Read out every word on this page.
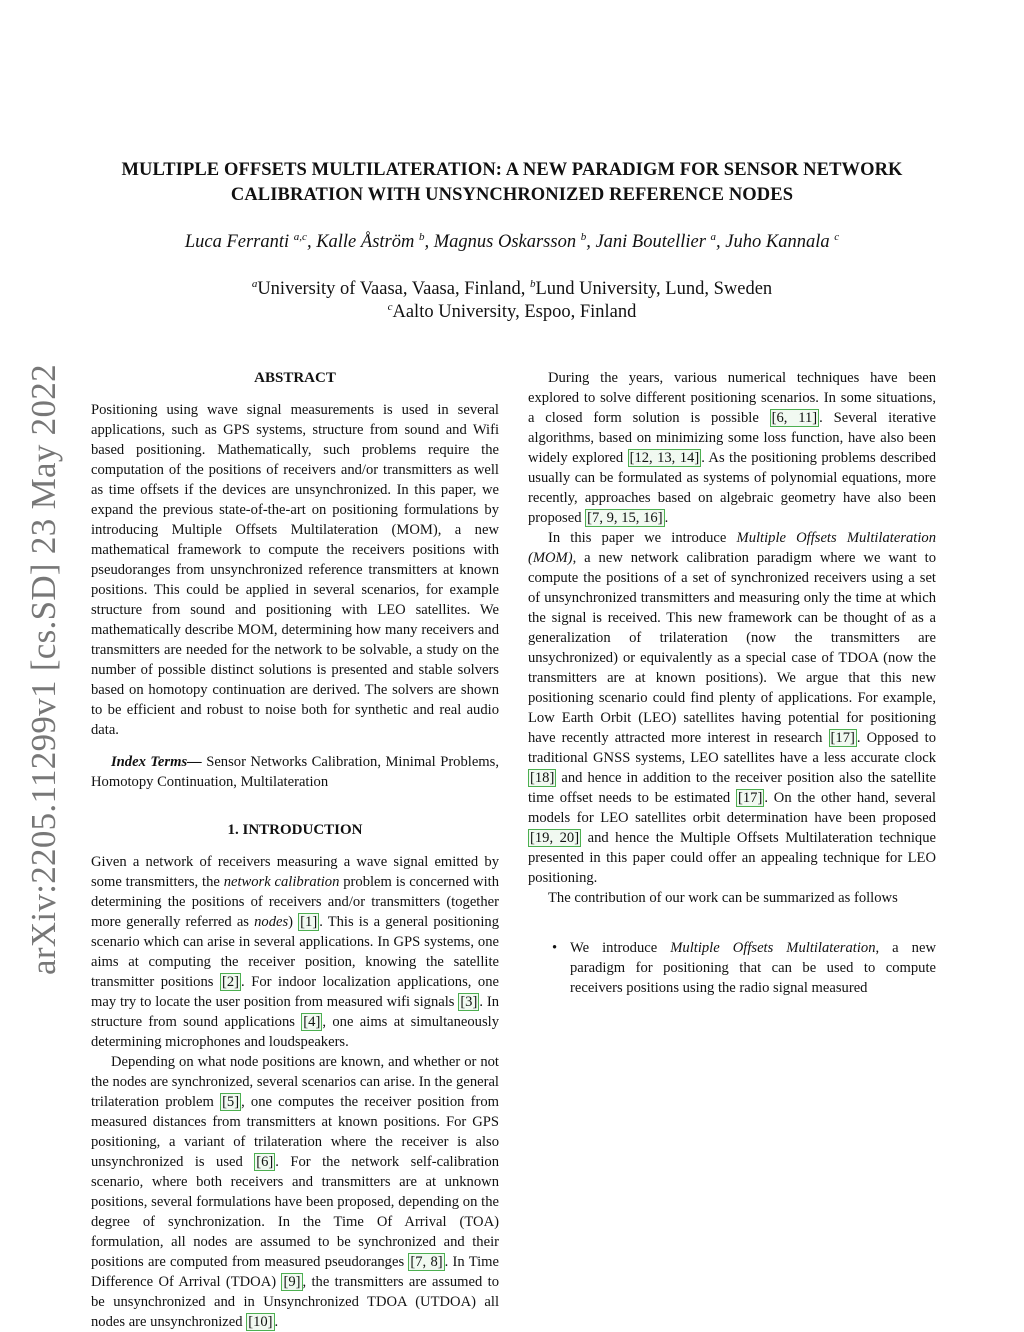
arXiv:2205.11299v1 [cs.SD] 23 May 2022
MULTIPLE OFFSETS MULTILATERATION: A NEW PARADIGM FOR SENSOR NETWORK
CALIBRATION WITH UNSYNCHRONIZED REFERENCE NODES
Luca Ferranti $^{a,c}$, Kalle Åström $^b$, Magnus Oskarsson $^b$, Jani Boutellier $^a$, Juho Kannala $^c$
$^a$University of Vaasa, Vaasa, Finland, $^b$Lund University, Lund, Sweden
$^c$Aalto University, Espoo, Finland
ABSTRACT

Positioning using wave signal measurements is used in several applications, such as GPS systems, structure from sound and Wifi based positioning. Mathematically, such problems require the computation of the positions of receivers and/or transmitters as well as time offsets if the devices are unsynchronized. In this paper, we expand the previous state-of-the-art on positioning formulations by introducing Multiple Offsets Multilateration (MOM), a new mathematical framework to compute the receivers positions with pseudoranges from unsynchronized reference transmitters at known positions. This could be applied in several scenarios, for example structure from sound and positioning with LEO satellites. We mathematically describe MOM, determining how many receivers and transmitters are needed for the network to be solvable, a study on the number of possible distinct solutions is presented and stable solvers based on homotopy continuation are derived. The solvers are shown to be efficient and robust to noise both for synthetic and real audio data.

Index Terms— Sensor Networks Calibration, Minimal Problems, Homotopy Continuation, Multilateration

1. INTRODUCTION

Given a network of receivers measuring a wave signal emitted by some transmitters, the network calibration problem is concerned with determining the positions of receivers and/or transmitters (together more generally referred as nodes) [1] . This is a general positioning scenario which can arise in several applications. In GPS systems, one aims at computing the receiver position, knowing the satellite transmitter positions [2] . For indoor localization applications, one may try to locate the user position from measured wifi signals [3] . In structure from sound applications [4] , one aims at simultaneously determining microphones and loudspeakers.

Depending on what node positions are known, and whether or not the nodes are synchronized, several scenarios can arise. In the general trilateration problem [5] , one computes the receiver position from measured distances from transmitters at known positions. For GPS positioning, a variant of trilateration where the receiver is also unsynchronized is used [6] . For the network self-calibration scenario, where both receivers and transmitters are at unknown positions, several formulations have been proposed, depending on the degree of synchronization. In the Time Of Arrival (TOA) formulation, all nodes are assumed to be synchronized and their positions are computed from measured pseudoranges [7, 8] . In Time Difference Of Arrival (TDOA) [9] , the transmitters are assumed to be unsynchronized and in Unsynchronized TDOA (UTDOA) all nodes are unsynchronized [10] .

During the years, various numerical techniques have been explored to solve different positioning scenarios. In some situations, a closed form solution is possible [6, 11] . Several iterative algorithms, based on minimizing some loss function, have also been widely explored [12, 13, 14] . As the positioning problems described usually can be formulated as systems of polynomial equations, more recently, approaches based on algebraic geometry have also been proposed [7, 9, 15, 16] .

In this paper we introduce Multiple Offsets Multilateration (MOM), a new network calibration paradigm where we want to compute the positions of a set of synchronized receivers using a set of unsynchronized transmitters and measuring only the time at which the signal is received. This new framework can be thought of as a generalization of trilateration (now the transmitters are unsychronized) or equivalently as a special case of TDOA (now the transmitters are at known positions). We argue that this new positioning scenario could find plenty of applications. For example, Low Earth Orbit (LEO) satellites having potential for positioning have recently attracted more interest in research [17] . Opposed to traditional GNSS systems, LEO satellites have a less accurate clock [18] and hence in addition to the receiver position also the satellite time offset needs to be estimated [17] . On the other hand, several models for LEO satellites orbit determination have been proposed [19, 20] and hence the Multiple Offsets Multilateration technique presented in this paper could offer an appealing technique for LEO positioning.

The contribution of our work can be summarized as follows

• We introduce Multiple Offsets Multilateration, a new paradigm for positioning that can be used to compute receivers positions using the radio signal measured
